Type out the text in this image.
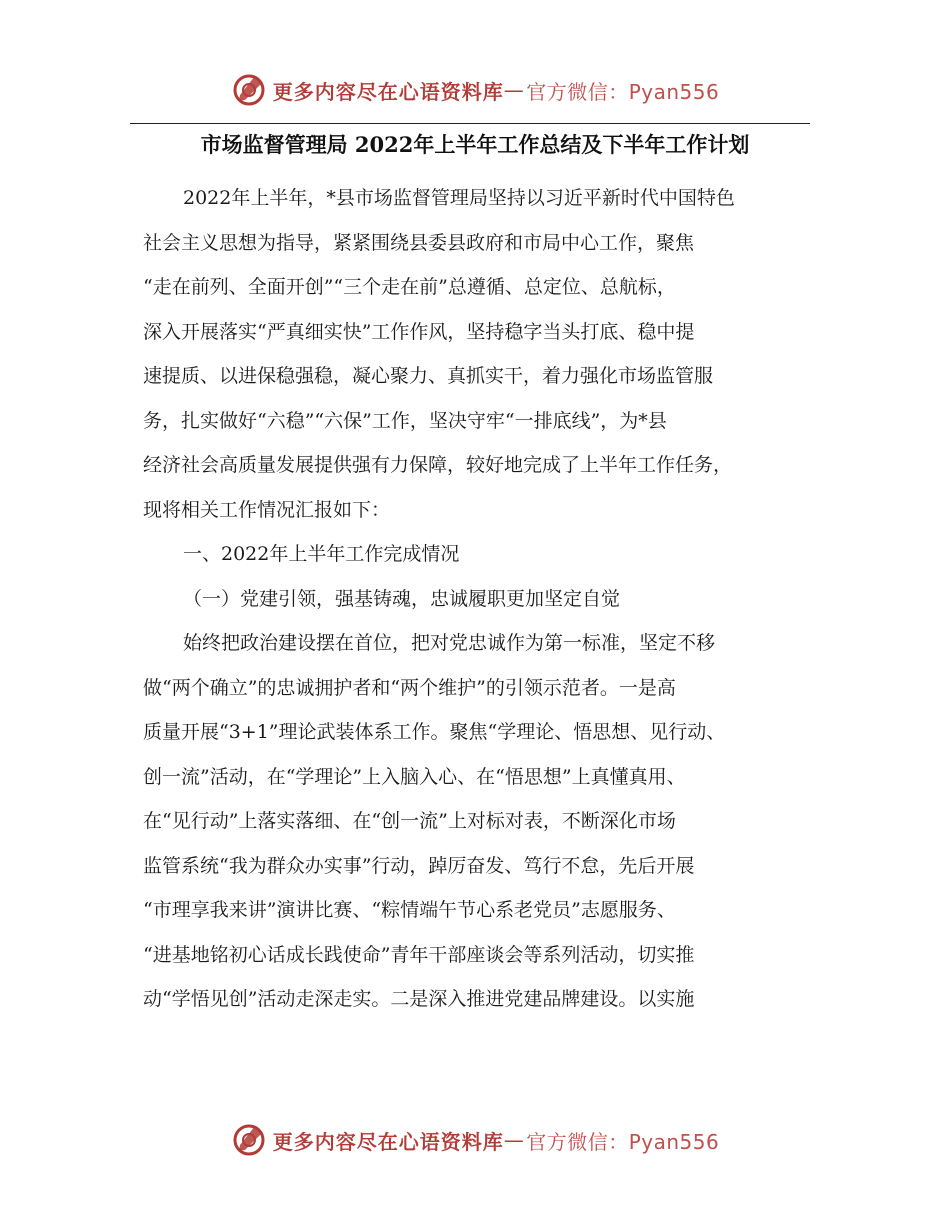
更多内容尽在心语资料库 — 官方微信：Pyan556
市场监督管理局 2022年上半年工作总结及下半年工作计划
2022年上半年，*县市场监督管理局坚持以习近平新时代中国特色
社会主义思想为指导，紧紧围绕县委县政府和市局中心工作，聚焦
“走在前列、全面开创”“三个走在前”总遵循、总定位、总航标，
深入开展落实“严真细实快”工作作风，坚持稳字当头打底、稳中提
速提质、以进保稳强稳，凝心聚力、真抓实干，着力强化市场监管服
务，扎实做好“六稳”“六保”工作，坚决守牢“一排底线”，为*县
经济社会高质量发展提供强有力保障，较好地完成了上半年工作任务，
现将相关工作情况汇报如下：
一、2022年上半年工作完成情况
（一）党建引领，强基铸魂，忠诚履职更加坚定自觉
始终把政治建设摆在首位，把对党忠诚作为第一标准，坚定不移
做“两个确立”的忠诚拥护者和“两个维护”的引领示范者。一是高
质量开展“3+1”理论武装体系工作。聚焦“学理论、悟思想、见行动、
创一流”活动，在“学理论”上入脑入心、在“悟思想”上真懂真用、
在“见行动”上落实落细、在“创一流”上对标对表，不断深化市场
监管系统“我为群众办实事”行动，踔厉奋发、笃行不怠，先后开展
“市理享我来讲”演讲比赛、“粽情端午节心系老党员”志愿服务、
“进基地铭初心话成长践使命”青年干部座谈会等系列活动，切实推
动“学悟见创”活动走深走实。二是深入推进党建品牌建设。以实施
更多内容尽在心语资料库 — 官方微信：Pyan556
